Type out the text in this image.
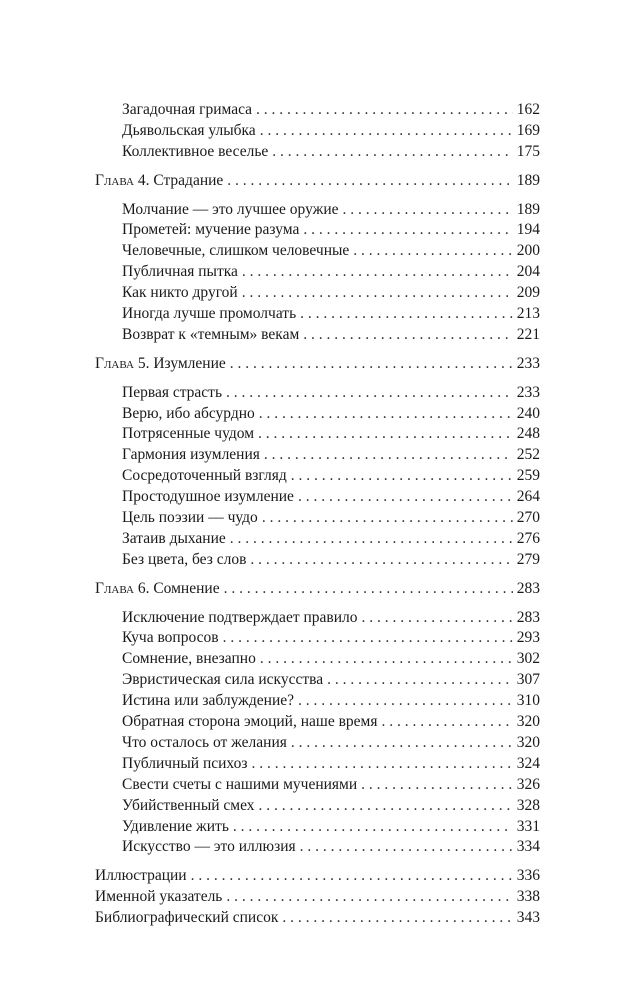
Загадочная гримаса . . .	162
Дьявольская улыбка . . .	169
Коллективное веселье . . .	175
Глава 4. Страдание . . .	189
Молчание — это лучшее оружие . . .	189
Прометей: мучение разума . . .	194
Человечные, слишком человечные . . .	200
Публичная пытка . . .	204
Как никто другой . . .	209
Иногда лучше промолчать . . .	213
Возврат к «темным» векам . . .	221
Глава 5. Изумление . . .	233
Первая страсть . . .	233
Верю, ибо абсурдно . . .	240
Потрясенные чудом . . .	248
Гармония изумления . . .	252
Сосредоточенный взгляд . . .	259
Простодушное изумление . . .	264
Цель поэзии — чудо . . .	270
Затаив дыхание . . .	276
Без цвета, без слов . . .	279
Глава 6. Сомнение . . .	283
Исключение подтверждает правило . . .	283
Куча вопросов . . .	293
Сомнение, внезапно . . .	302
Эвристическая сила искусства . . .	307
Истина или заблуждение? . . .	310
Обратная сторона эмоций, наше время . . .	320
Что осталось от желания . . .	320
Публичный психоз . . .	324
Свести счеты с нашими мучениями . . .	326
Убийственный смех . . .	328
Удивление жить . . .	331
Искусство — это иллюзия . . .	334
Иллюстрации . . .	336
Именной указатель . . .	338
Библиографический список . . .	343
